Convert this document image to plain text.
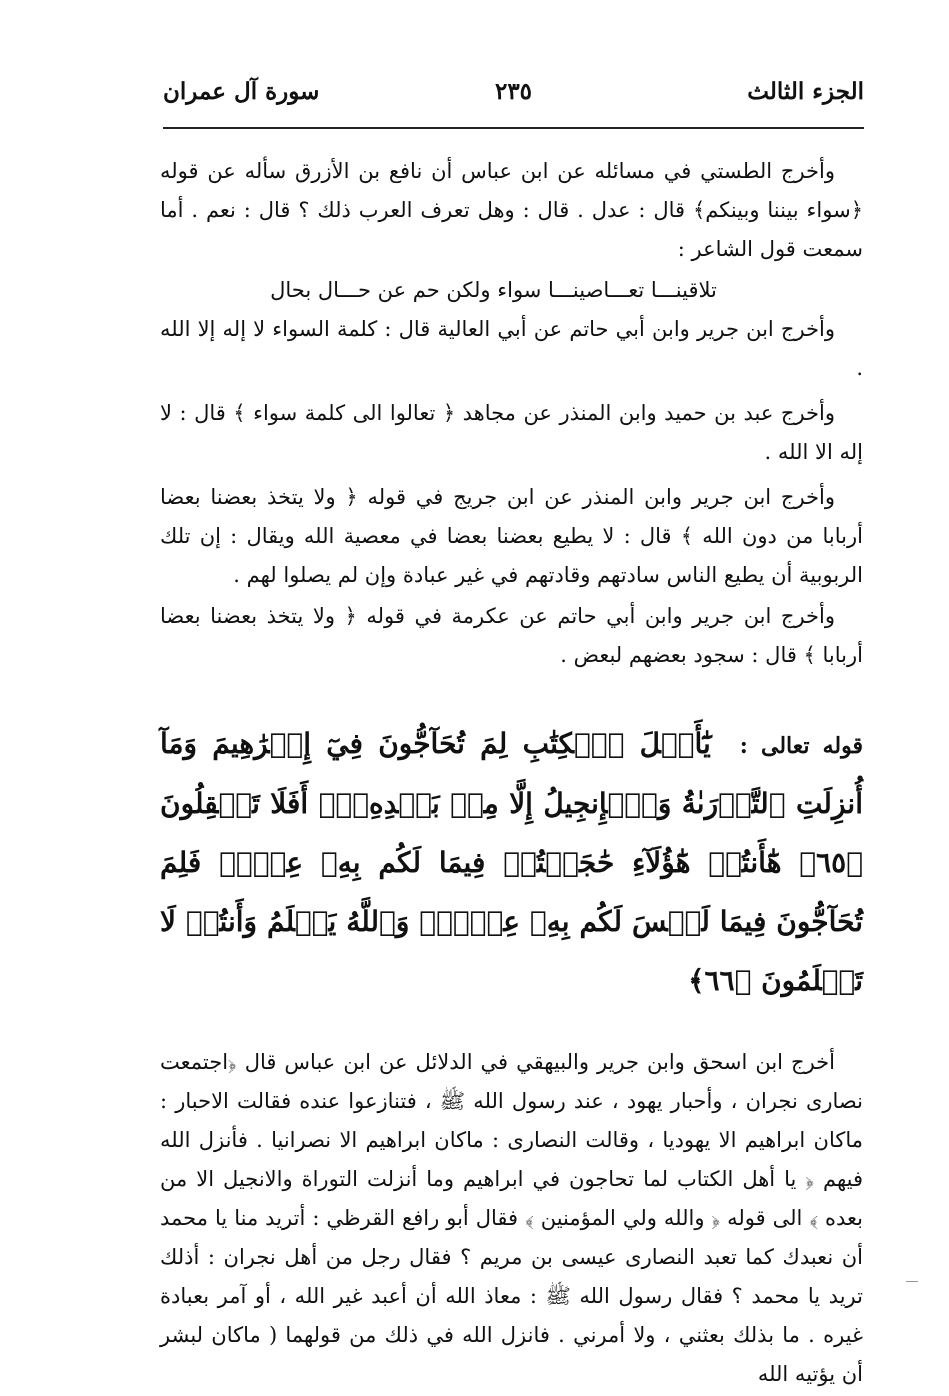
الجزء الثالث
٢٣٥
سورة آل عمران

وأخرج الطستي في مسائله عن ابن عباس أن نافع بن الأزرق سأله عن قوله ﴿سواء بيننا وبينكم﴾ قال : عدل . قال : وهل تعرف العرب ذلك ؟ قال : نعم . أما سمعت قول الشاعر :

تلاقينـــا تعـــاصينـــا سواء ولكن حم عن حـــال بحال

وأخرج ابن جرير وابن أبي حاتم عن أبي العالية قال : كلمة السواء لا إله إلا الله .

وأخرج عبد بن حميد وابن المنذر عن مجاهد ﴿ تعالوا الى كلمة سواء ﴾ قال : لا إله الا الله .

وأخرج ابن جرير وابن المنذر عن ابن جريج في قوله ﴿ ولا يتخذ بعضنا بعضا أربابا من دون الله ﴾ قال : لا يطيع بعضنا بعضا في معصية الله ويقال : إن تلك الربوبية أن يطيع الناس سادتهم وقادتهم في غير عبادة وإن لم يصلوا لهم .

وأخرج ابن جرير وابن أبي حاتم عن عكرمة في قوله ﴿ ولا يتخذ بعضنا بعضا أربابا ﴾ قال : سجود بعضهم لبعض .

قوله تعالى : يَٰٓأَهۡلَ ٱلۡكِتَٰبِ لِمَ تُحَآجُّونَ فِيٓ إِبۡرَٰهِيمَ وَمَآ أُنزِلَتِ ٱلتَّوۡرَىٰةُ وَٱلۡإِنجِيلُ إِلَّا مِنۢ بَعۡدِهِۦٓۚ أَفَلَا تَعۡقِلُونَ ﴿٦٥﴾ هَٰٓأَنتُمۡ هَٰٓؤُلَآءِ حَٰجَجۡتُمۡ فِيمَا لَكُم بِهِۦ عِلۡمٞ فَلِمَ تُحَآجُّونَ فِيمَا لَيۡسَ لَكُم بِهِۦ عِلۡمٞۚ وَٱللَّهُ يَعۡلَمُ وَأَنتُمۡ لَا تَعۡلَمُونَ ﴿٦٦﴾

أخرج ابن اسحق وابن جرير والبيهقي في الدلائل عن ابن عباس قال ﴿اجتمعت نصارى نجران ، وأحبار يهود ، عند رسول الله ﷺ ، فتنازعوا عنده فقالت الاحبار : ماكان ابراهيم الا يهوديا ، وقالت النصارى : ماكان ابراهيم الا نصرانيا . فأنزل الله فيهم ﴿ يا أهل الكتاب لما تحاجون في ابراهيم وما أنزلت التوراة والانجيل الا من بعده ﴾ الى قوله ﴿ والله ولي المؤمنين ﴾ فقال أبو رافع القرظي : أتريد منا يا محمد أن نعبدك كما تعبد النصارى عيسى بن مريم ؟ فقال رجل من أهل نجران : أذلك تريد يا محمد ؟ فقال رسول الله ﷺ : معاذ الله أن أعبد غير الله ، أو آمر بعبادة غيره . ما بذلك بعثني ، ولا أمرني . فانزل الله في ذلك من قولهما ( ماكان لبشر أن يؤتيه الله
